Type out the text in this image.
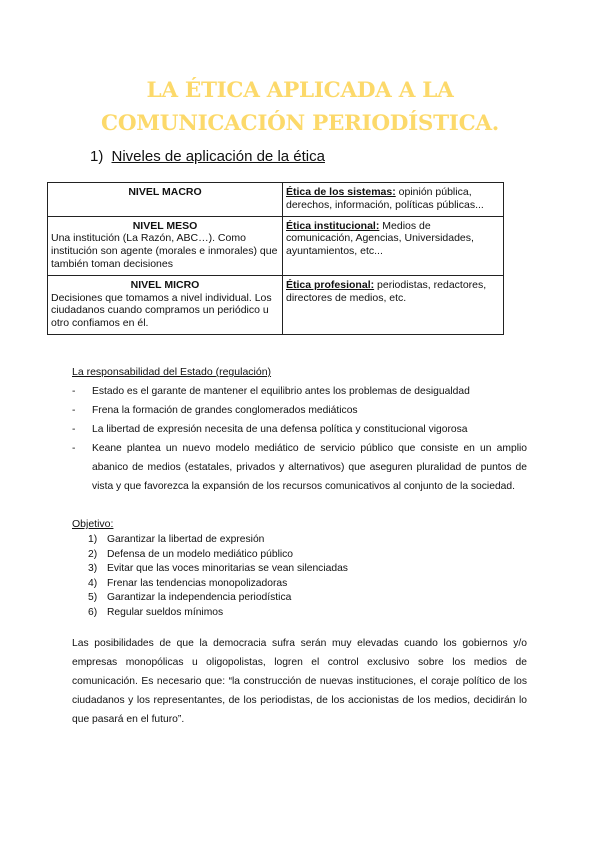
LA ÉTICA APLICADA A LA
COMUNICACIÓN PERIODÍSTICA.
1) Niveles de aplicación de la ética
NIVEL MACRO	Ética de los sistemas: opinión pública, derechos, información, políticas públicas...

NIVEL MESO
Una institución (La Razón, ABC…). Como institución son agente (morales e inmorales) que también toman decisiones	Ética institucional: Medios de comunicación, Agencias, Universidades, ayuntamientos, etc...

NIVEL MICRO
Decisiones que tomamos a nivel individual. Los ciudadanos cuando compramos un periódico u otro confiamos en él.	Ética profesional: periodistas, redactores, directores de medios, etc.
La responsabilidad del Estado (regulación)
- Estado es el garante de mantener el equilibrio antes los problemas de desigualdad
- Frena la formación de grandes conglomerados mediáticos
- La libertad de expresión necesita de una defensa política y constitucional vigorosa
- Keane plantea un nuevo modelo mediático de servicio público que consiste en un amplio abanico de medios (estatales, privados y alternativos) que aseguren pluralidad de puntos de vista y que favorezca la expansión de los recursos comunicativos al conjunto de la sociedad.
Objetivo:
1) Garantizar la libertad de expresión
2) Defensa de un modelo mediático público
3) Evitar que las voces minoritarias se vean silenciadas
4) Frenar las tendencias monopolizadoras
5) Garantizar la independencia periodística
6) Regular sueldos mínimos

Las posibilidades de que la democracia sufra serán muy elevadas cuando los gobiernos y/o empresas monopólicas u oligopolistas, logren el control exclusivo sobre los medios de comunicación. Es necesario que: “la construcción de nuevas instituciones, el coraje político de los ciudadanos y los representantes, de los periodistas, de los accionistas de los medios, decidirán lo que pasará en el futuro”.
